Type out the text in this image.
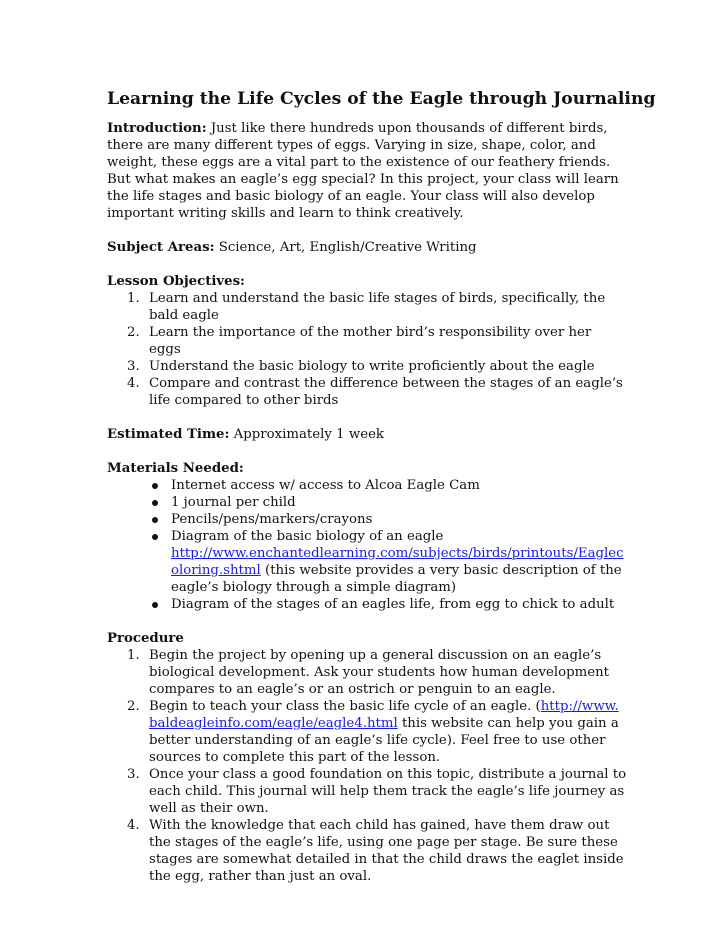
Learning the Life Cycles of the Eagle through Journaling

Introduction: Just like there hundreds upon thousands of different birds, there are many different types of eggs. Varying in size, shape, color, and weight, these eggs are a vital part to the existence of our feathery friends. But what makes an eagle’s egg special? In this project, your class will learn the life stages and basic biology of an eagle. Your class will also develop important writing skills and learn to think creatively.

Subject Areas: Science, Art, English/Creative Writing

Lesson Objectives:

1. Learn and understand the basic life stages of birds, specifically, the bald eagle
2. Learn the importance of the mother bird’s responsibility over her eggs
3. Understand the basic biology to write proficiently about the eagle
4. Compare and contrast the difference between the stages of an eagle’s life compared to other birds

Estimated Time: Approximately 1 week

Materials Needed:

Internet access w/ access to Alcoa Eagle Cam
1 journal per child
Pencils/pens/markers/crayons
Diagram of the basic biology of an eagle
http://www.enchantedlearning.com/subjects/birds/printouts/Eaglecoloring.shtml (this website provides a very basic description of the eagle’s biology through a simple diagram)
Diagram of the stages of an eagles life, from egg to chick to adult

Procedure

1. Begin the project by opening up a general discussion on an eagle’s biological development. Ask your students how human development compares to an eagle’s or an ostrich or penguin to an eagle.
2. Begin to teach your class the basic life cycle of an eagle. (http://www.baldeagleinfo.com/eagle/eagle4.html this website can help you gain a better understanding of an eagle’s life cycle). Feel free to use other sources to complete this part of the lesson.
3. Once your class a good foundation on this topic, distribute a journal to each child. This journal will help them track the eagle’s life journey as well as their own.
4. With the knowledge that each child has gained, have them draw out the stages of the eagle’s life, using one page per stage. Be sure these stages are somewhat detailed in that the child draws the eaglet inside the egg, rather than just an oval.
